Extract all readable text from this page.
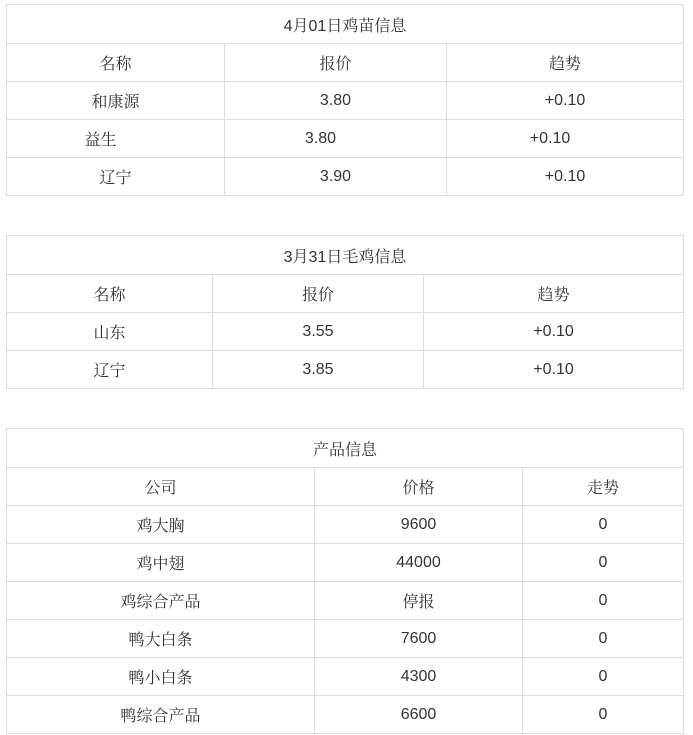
4月01日鸡苗信息		
名称	报价	趋势
和康源	3.80	+0.10
益生	3.80	+0.10
辽宁	3.90	+0.10
3月31日毛鸡信息		
名称	报价	趋势
山东	3.55	+0.10
辽宁	3.85	+0.10
产品信息		
公司	价格	走势
鸡大胸	9600	0
鸡中翅	44000	0
鸡综合产品	停报	0
鸭大白条	7600	0
鸭小白条	4300	0
鸭综合产品	6600	0
